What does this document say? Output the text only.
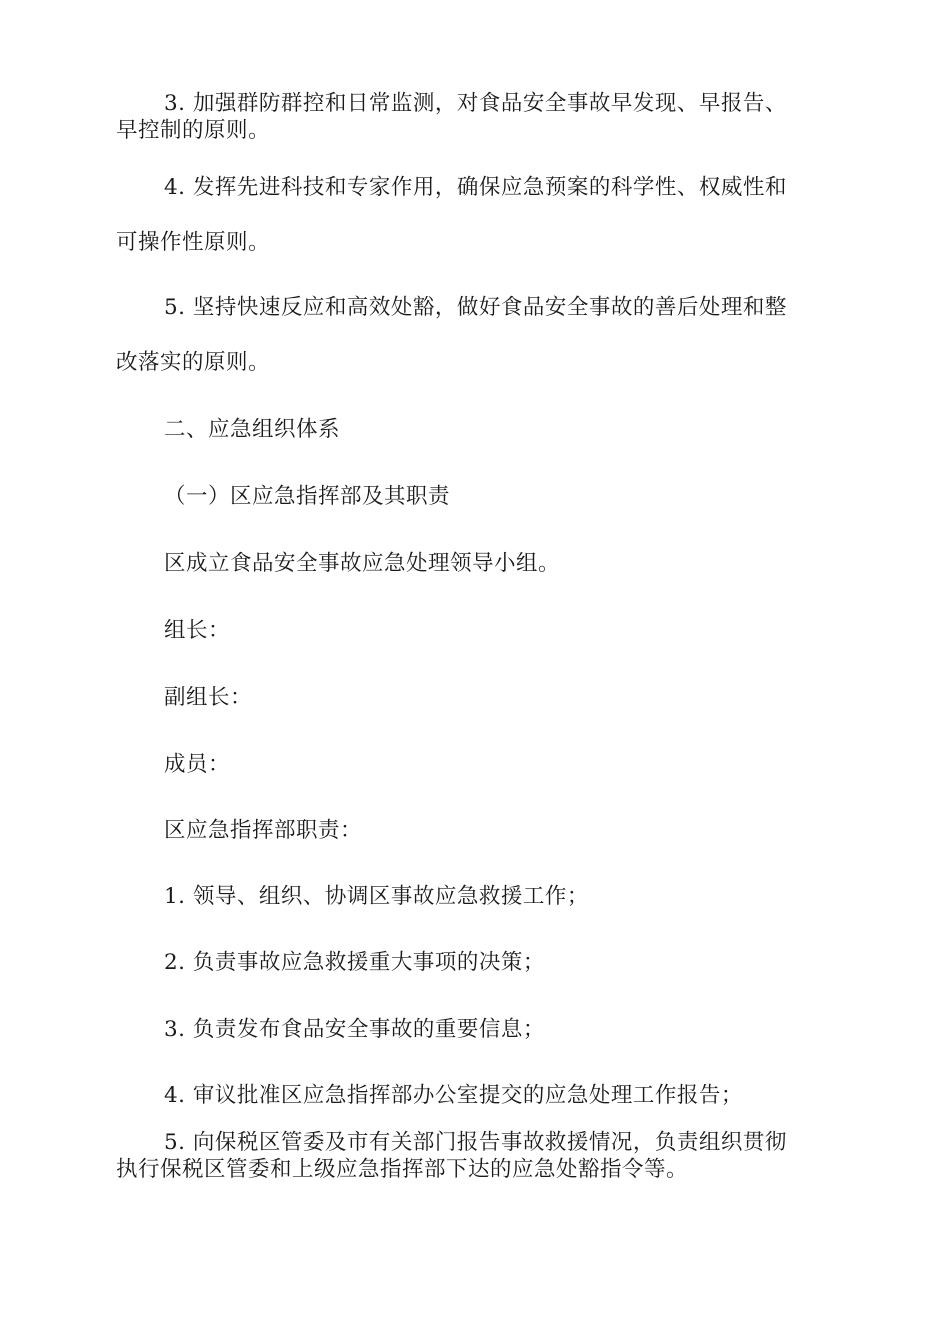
3. 加强群防群控和日常监测，对食品安全事故早发现、早报告、
早控制的原则。
4. 发挥先进科技和专家作用，确保应急预案的科学性、权威性和
可操作性原则。
5. 坚持快速反应和高效处豁，做好食品安全事故的善后处理和整
改落实的原则。
二、应急组织体系
（一）区应急指挥部及其职责
区成立食品安全事故应急处理领导小组。
组长：
副组长：
成员：
区应急指挥部职责：
1. 领导、组织、协调区事故应急救援工作；
2. 负责事故应急救援重大事项的决策；
3. 负责发布食品安全事故的重要信息；
4. 审议批准区应急指挥部办公室提交的应急处理工作报告；
5. 向保税区管委及市有关部门报告事故救援情况，负责组织贯彻
执行保税区管委和上级应急指挥部下达的应急处豁指令等。
